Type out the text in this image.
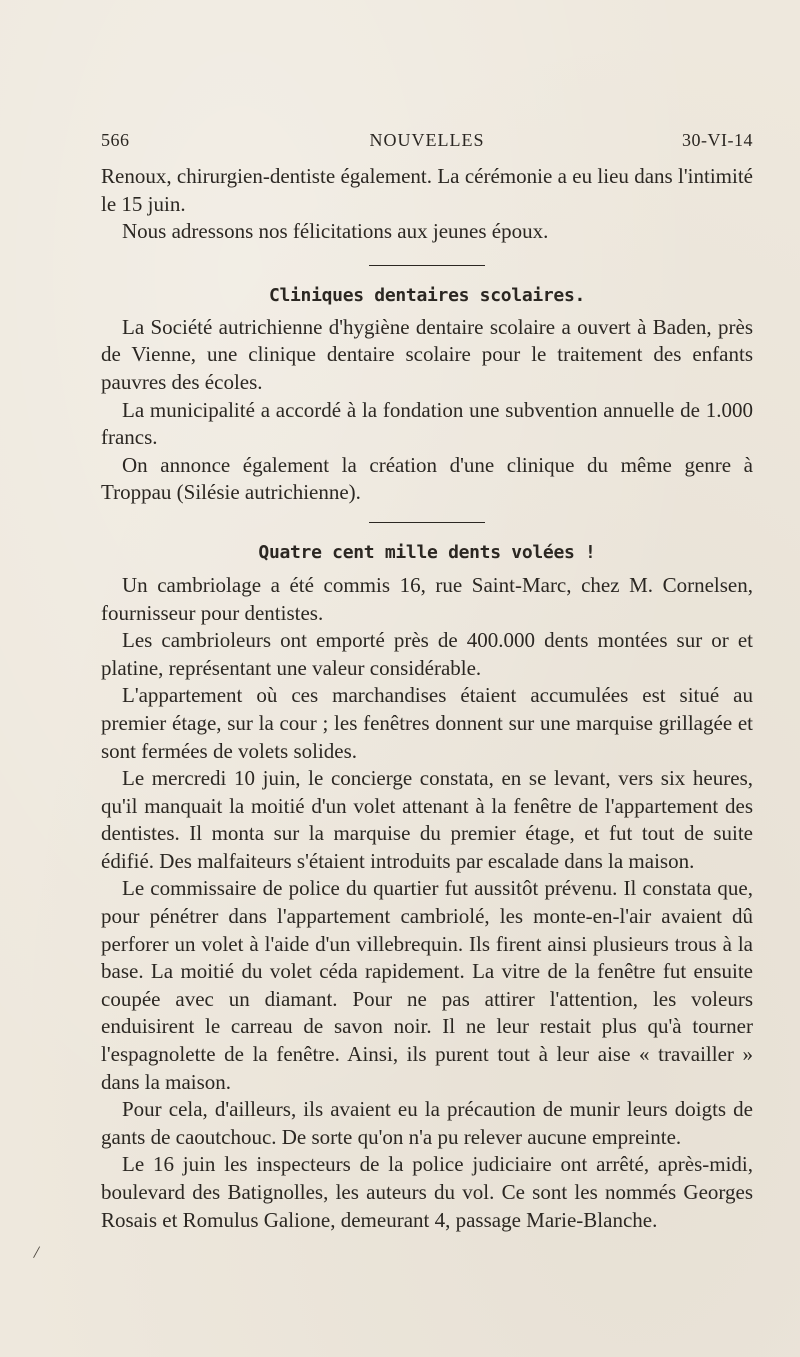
566	NOUVELLES	30-VI-14

Renoux, chirurgien-dentiste également. La cérémonie a eu lieu dans l'intimité le 15 juin.

Nous adressons nos félicitations aux jeunes époux.

Cliniques dentaires scolaires.

La Société autrichienne d'hygiène dentaire scolaire a ouvert à Baden, près de Vienne, une clinique dentaire scolaire pour le traitement des enfants pauvres des écoles.

La municipalité a accordé à la fondation une subvention annuelle de 1.000 francs.

On annonce également la création d'une clinique du même genre à Troppau (Silésie autrichienne).

Quatre cent mille dents volées !

Un cambriolage a été commis 16, rue Saint-Marc, chez M. Cornelsen, fournisseur pour dentistes.

Les cambrioleurs ont emporté près de 400.000 dents montées sur or et platine, représentant une valeur considérable.

L'appartement où ces marchandises étaient accumulées est situé au premier étage, sur la cour ; les fenêtres donnent sur une marquise grillagée et sont fermées de volets solides.

Le mercredi 10 juin, le concierge constata, en se levant, vers six heures, qu'il manquait la moitié d'un volet attenant à la fenêtre de l'appartement des dentistes. Il monta sur la marquise du premier étage, et fut tout de suite édifié. Des malfaiteurs s'étaient introduits par escalade dans la maison.

Le commissaire de police du quartier fut aussitôt prévenu. Il constata que, pour pénétrer dans l'appartement cambriolé, les monte-en-l'air avaient dû perforer un volet à l'aide d'un villebrequin. Ils firent ainsi plusieurs trous à la base. La moitié du volet céda rapidement. La vitre de la fenêtre fut ensuite coupée avec un diamant. Pour ne pas attirer l'attention, les voleurs enduisirent le carreau de savon noir. Il ne leur restait plus qu'à tourner l'espagnolette de la fenêtre. Ainsi, ils purent tout à leur aise « travailler » dans la maison.

Pour cela, d'ailleurs, ils avaient eu la précaution de munir leurs doigts de gants de caoutchouc. De sorte qu'on n'a pu relever aucune empreinte.

Le 16 juin les inspecteurs de la police judiciaire ont arrêté, après-midi, boulevard des Batignolles, les auteurs du vol. Ce sont les nommés Georges Rosais et Romulus Galione, demeurant 4, passage Marie-Blanche.

/
